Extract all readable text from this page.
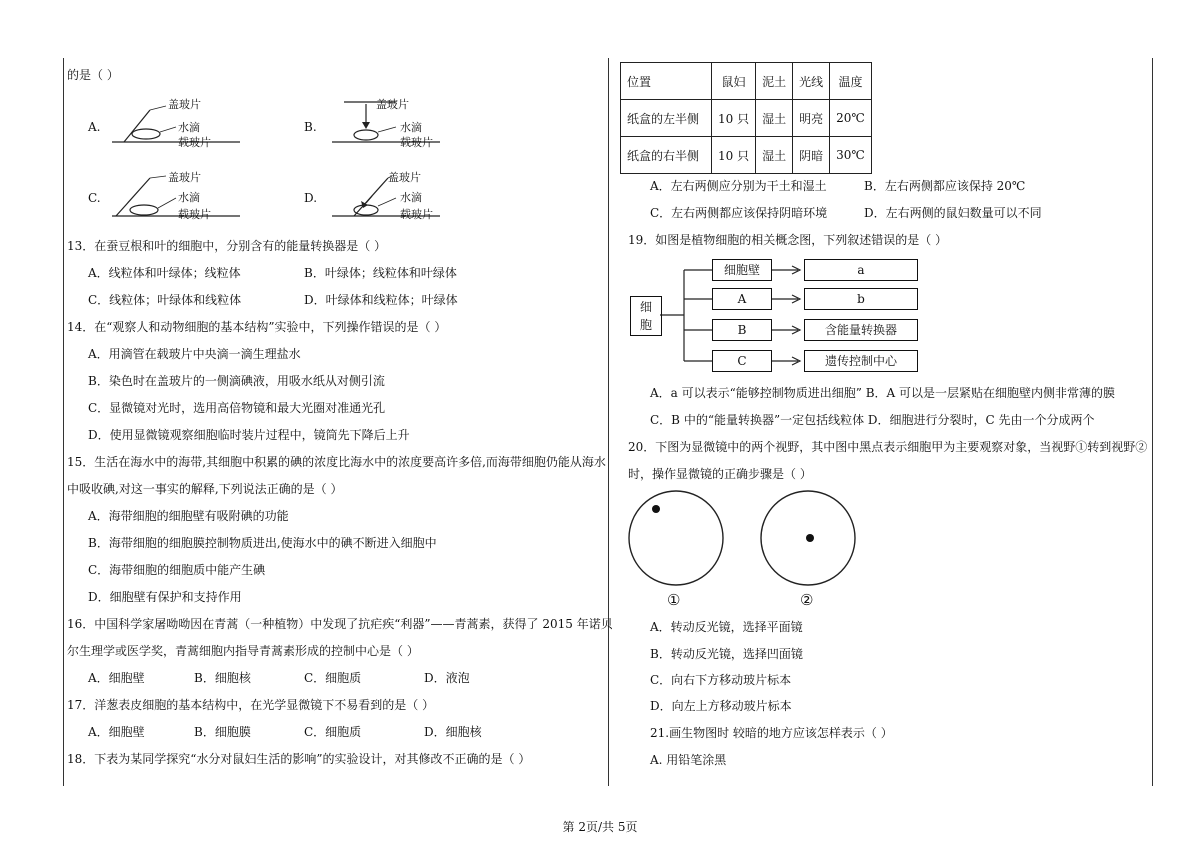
的是（ ）
A.
盖玻片
水滴
载玻片
B.
盖玻片
水滴
载玻片
C.
盖玻片
水滴
载玻片
D.
盖玻片
水滴
载玻片
13．在蚕豆根和叶的细胞中，分别含有的能量转换器是（ ）
A．线粒体和叶绿体；线粒体	B．叶绿体；线粒体和叶绿体
C．线粒体；叶绿体和线粒体	D．叶绿体和线粒体；叶绿体
14．在“观察人和动物细胞的基本结构”实验中，下列操作错误的是（ ）
A．用滴管在载玻片中央滴一滴生理盐水
B．染色时在盖玻片的一侧滴碘液，用吸水纸从对侧引流
C．显微镜对光时，选用高倍物镜和最大光圈对准通光孔
D．使用显微镜观察细胞临时装片过程中，镜筒先下降后上升
15．生活在海水中的海带,其细胞中积累的碘的浓度比海水中的浓度要高许多倍,而海带细胞仍能从海水
中吸收碘,对这一事实的解释,下列说法正确的是（ ）
A．海带细胞的细胞壁有吸附碘的功能
B．海带细胞的细胞膜控制物质进出,使海水中的碘不断进入细胞中
C．海带细胞的细胞质中能产生碘
D．细胞壁有保护和支持作用
16．中国科学家屠呦呦因在青蒿（一种植物）中发现了抗疟疾“利器”——青蒿素，获得了 2015 年诺贝
尔生理学或医学奖，青蒿细胞内指导青蒿素形成的控制中心是（ ）
A．细胞壁	B．细胞核	C．细胞质	D．液泡
17．洋葱表皮细胞的基本结构中，在光学显微镜下不易看到的是（ ）
A．细胞壁	B．细胞膜	C．细胞质	D．细胞核
18．下表为某同学探究“水分对鼠妇生活的影响”的实验设计，对其修改不正确的是（ ）
位置	鼠妇	泥土	光线	温度
纸盒的左半侧	10 只	湿土	明亮	20℃
纸盒的右半侧	10 只	湿土	阴暗	30℃
A．左右两侧应分别为干土和湿土	B．左右两侧都应该保持 20℃
C．左右两侧都应该保持阴暗环境	D．左右两侧的鼠妇数量可以不同
19．如图是植物细胞的相关概念图，下列叙述错误的是（ ）
细胞
细胞壁
A
B
C
a
b
含能量转换器
遗传控制中心
A．a 可以表示“能够控制物质进出细胞” B．A 可以是一层紧贴在细胞壁内侧非常薄的膜
C．B 中的“能量转换器”一定包括线粒体 D．细胞进行分裂时，C 先由一个分成两个
20．下图为显微镜中的两个视野，其中图中黑点表示细胞甲为主要观察对象，当视野①转到视野②
时，操作显微镜的正确步骤是（ ）
①	②
A．转动反光镜，选择平面镜
B．转动反光镜，选择凹面镜
C．向右下方移动玻片标本
D．向左上方移动玻片标本
21.画生物图时 较暗的地方应该怎样表示（ ）
A. 用铅笔涂黑
第 2页/共 5页
